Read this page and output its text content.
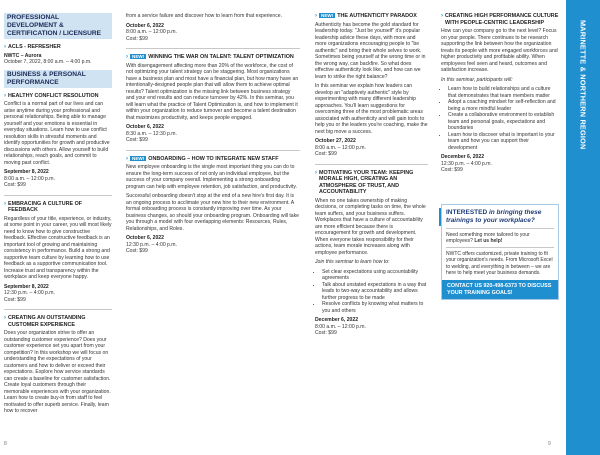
PROFESSIONAL DEVELOPMENT & CERTIFICATION / LICENSURE
› ACLS - REFRESHER

NWTC – Aurora

October 7, 2022, 8:00 a.m. – 4:00 p.m.

BUSINESS & PERSONAL PERFORMANCE
› HEALTHY CONFLICT RESOLUTION

Conflict is a normal part of our lives and can arise anytime during your professional and personal relationships. Being able to manage yourself and your emotions is essential in everyday situations. Learn how to use conflict resolution skills in stressful moments and identify opportunities for growth and productive discussions with others. Allow yourself to build relationships, reach goals, and commit to moving past conflict.

September 8, 2022

8:00 a.m. – 12:00 p.m.

Cost: $99

› EMBRACING A CULTURE OF FEEDBACK

Regardless of your title, experience, or industry, at some point in your career, you will most likely need to know how to give constructive feedback. Effective constructive feedback is an important tool of growing and maintaining consistency in performance. Build a strong and supportive team culture by learning how to use feedback as a supportive communication tool. Increase trust and transparency within the workplace and keep everyone happy.

September 8, 2022

12:30 p.m. – 4:00 p.m.

Cost: $99

› CREATING AN OUTSTANDING CUSTOMER EXPERIENCE

Does your organization strive to offer an outstanding customer experience? Does your customer experience set you apart from your competition? In this workshop we will focus on understanding the expectations of your customers and how to deliver or exceed their expectations. Explore how service standards can create a baseline for customer satisfaction. Create loyal customers through their memorable experiences with your organization. Learn how to create buy-in from staff to feel motivated to offer superb service. Finally, learn how to recover

from a service failure and discover how to learn from that experience.

October 6, 2022

8:00 a.m. – 12:00 p.m.

Cost: $99

› NEW! WINNING THE WAR ON TALENT: TALENT OPTIMIZATION

With disengagement affecting more than 20% of the workforce, the cost of not optimizing your talent strategy can be staggering. Most organizations have a business plan and most have a financial plan, but how many have an intentionally-designed people plan that will allow them to achieve optimal results? Talent optimization is the missing link between business strategy and your end results and can reduce turnover by 42%. In this seminar, you will learn what the practice of Talent Optimization is, and how to implement it within your organization to reduce turnover and become a talent destination that maximizes productivity, and keeps people engaged.

October 6, 2022

8:30 a.m. – 12:30 p.m.

Cost: $99

› NEW! ONBOARDING – HOW TO INTEGRATE NEW STAFF

New employee onboarding is the single most important thing you can do to ensure the long-term success of not only an individual employee, but the success of your company overall. Implementing a strong onboarding program can help with employee retention, job satisfaction, and productivity.

Successful onboarding doesn't stop at the end of a new hire's first day. It is an ongoing process to acclimate your new hire to their new environment. A formal onboarding process is constantly improving over time. As your business changes, so should your onboarding program. Onboarding will take you through a model with four overlapping elements: Resources, Rules, Relationships, and Roles.

October 6, 2022

12:30 p.m. – 4:00 p.m.

Cost: $99

› NEW! THE AUTHENTICITY PARADOX

Authenticity has become the gold standard for leadership today. "Just be yourself" it's popular leadership advice these days, with more and more organizations encouraging people to "be authentic" and bring their whole selves to work. Sometimes being yourself at the wrong time or in the wrong way, can backfire. So what does effective authenticity look like, and how can we learn to strike the right balance?

In this seminar we explain how leaders can develop an "adaptively authentic" style by experimenting with many different leadership approaches. You'll learn suggestions for overcoming three of the most problematic areas associated with authenticity and will gain tools to help you or the leaders you're coaching, make the next big move a success.

October 27, 2022

8:00 a.m. – 12:00 p.m.

Cost: $99

› MOTIVATING YOUR TEAM: KEEPING MORALE HIGH, CREATING AN ATMOSPHERE OF TRUST, AND ACCOUNTABILITY

When no one takes ownership of making decisions, or completing tasks on time, the whole team suffers, and your business suffers. Workplaces that have a culture of accountability are more efficient because there is encouragement for growth and development. When everyone takes responsibility for their actions, team morale increases along with employee performance.

Join this seminar to learn how to:

• Set clear expectations using accountability agreements
• Talk about unstated expectations in a way that leads to two-way accountability and allows further progress to be made
• Resolve conflicts by knowing what matters to you and others

December 6, 2022

8:00 a.m. – 12:00 p.m.

Cost: $99

› CREATING HIGH PERFORMANCE CULTURE WITH PEOPLE-CENTRIC LEADERSHIP

How can your company go to the next level? Focus on your people. There continues to be research supporting the link between how the organization treats its people with more engaged workforces and higher productivity and profitable ability. When employees feel seen and heard, outcomes and satisfaction increase.

In this seminar, participants will:

• Learn how to build relationships and a culture that demonstrates that team members matter
• Adopt a coaching mindset for self-reflection and being a more mindful leader
• Create a collaborative environment to establish team and personal goals, expectations and boundaries
• Learn how to discover what is important to your team and how you can support their development

December 6, 2022

12:30 p.m. – 4:00 p.m.

Cost: $99

INTERESTED in bringing these trainings to your workplace?

Need something more tailored to your employees? Let us help!

NWTC offers customized, private training to fit your organization's needs. From Microsoft Excel to welding, and everything in between – we are here to help meet your business demands.

CONTACT US 920-498-6373 TO DISCUSS YOUR TRAINING GOALS!
MARINETTE & NORTHERN REGION
8	9
